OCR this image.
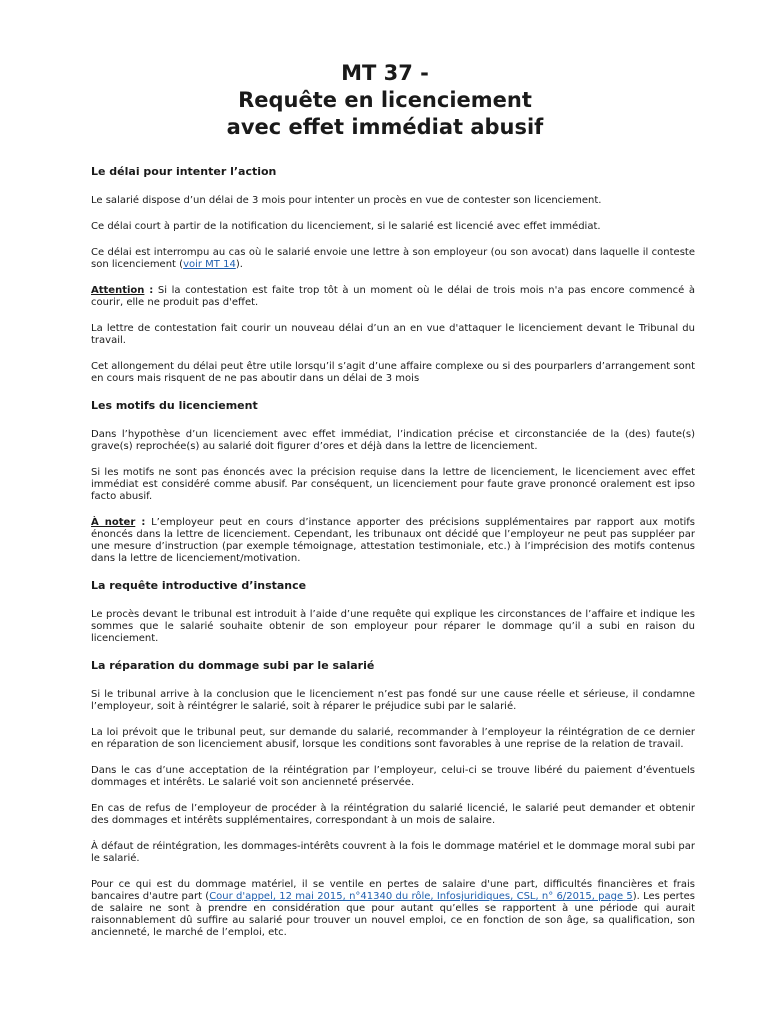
MT 37 -
Requête en licenciement
avec effet immédiat abusif
Le délai pour intenter l’action

Le salarié dispose d’un délai de 3 mois pour intenter un procès en vue de contester son licenciement.

Ce délai court à partir de la notification du licenciement, si le salarié est licencié avec effet immédiat.

Ce délai est interrompu au cas où le salarié envoie une lettre à son employeur (ou son avocat) dans laquelle il conteste son licenciement (voir MT 14).

Attention : Si la contestation est faite trop tôt à un moment où le délai de trois mois n'a pas encore commencé à courir, elle ne produit pas d'effet.

La lettre de contestation fait courir un nouveau délai d’un an en vue d'attaquer le licenciement devant le Tribunal du travail.

Cet allongement du délai peut être utile lorsqu’il s’agit d’une affaire complexe ou si des pourparlers d’arrangement sont en cours mais risquent de ne pas aboutir dans un délai de 3 mois

Les motifs du licenciement

Dans l’hypothèse d’un licenciement avec effet immédiat, l’indication précise et circonstanciée de la (des) faute(s) grave(s) reprochée(s) au salarié doit figurer d’ores et déjà dans la lettre de licenciement.

Si les motifs ne sont pas énoncés avec la précision requise dans la lettre de licenciement, le licenciement avec effet immédiat est considéré comme abusif. Par conséquent, un licenciement pour faute grave prononcé oralement est ipso facto abusif.

À noter : L’employeur peut en cours d’instance apporter des précisions supplémentaires par rapport aux motifs énoncés dans la lettre de licenciement. Cependant, les tribunaux ont décidé que l’employeur ne peut pas suppléer par une mesure d’instruction (par exemple témoignage, attestation testimoniale, etc.) à l’imprécision des motifs contenus dans la lettre de licenciement/motivation.

La requête introductive d’instance

Le procès devant le tribunal est introduit à l’aide d’une requête qui explique les circonstances de l’affaire et indique les sommes que le salarié souhaite obtenir de son employeur pour réparer le dommage qu’il a subi en raison du licenciement.

La réparation du dommage subi par le salarié

Si le tribunal arrive à la conclusion que le licenciement n’est pas fondé sur une cause réelle et sérieuse, il condamne l’employeur, soit à réintégrer le salarié, soit à réparer le préjudice subi par le salarié.

La loi prévoit que le tribunal peut, sur demande du salarié, recommander à l’employeur la réintégration de ce dernier en réparation de son licenciement abusif, lorsque les conditions sont favorables à une reprise de la relation de travail.

Dans le cas d’une acceptation de la réintégration par l’employeur, celui-ci se trouve libéré du paiement d’éventuels dommages et intérêts. Le salarié voit son ancienneté préservée.

En cas de refus de l’employeur de procéder à la réintégration du salarié licencié, le salarié peut demander et obtenir des dommages et intérêts supplémentaires, correspondant à un mois de salaire.

À défaut de réintégration, les dommages-intérêts couvrent à la fois le dommage matériel et le dommage moral subi par le salarié.

Pour ce qui est du dommage matériel, il se ventile en pertes de salaire d'une part, difficultés financières et frais bancaires d'autre part (Cour d'appel, 12 mai 2015, n°41340 du rôle, Infosjuridiques, CSL, n° 6/2015, page 5). Les pertes de salaire ne sont à prendre en considération que pour autant qu’elles se rapportent à une période qui aurait raisonnablement dû suffire au salarié pour trouver un nouvel emploi, ce en fonction de son âge, sa qualification, son ancienneté, le marché de l’emploi, etc.
